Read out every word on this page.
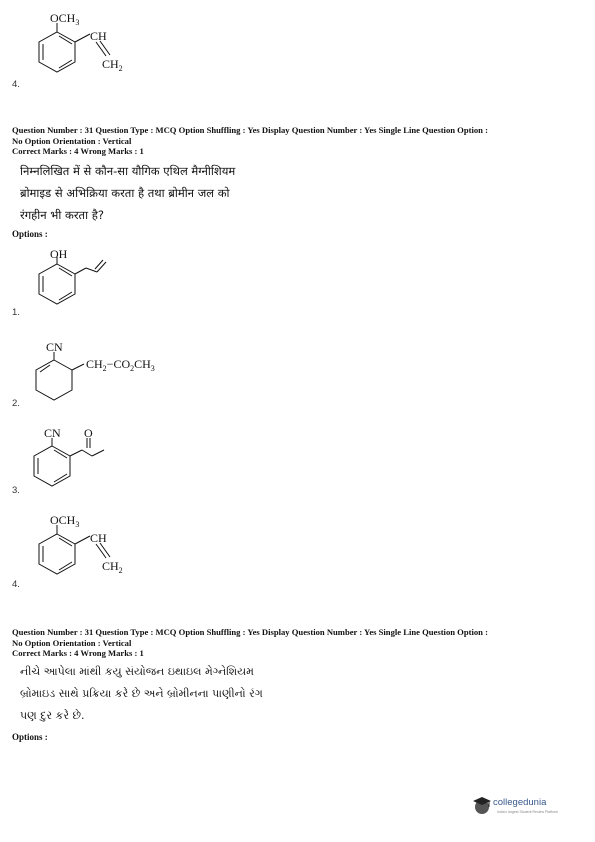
$OCH_3$
CH
$CH_2$
4.
Question Number : 31 Question Type : MCQ Option Shuffling : Yes Display Question Number : Yes Single Line Question Option :
No Option Orientation : Vertical
Correct Marks : 4 Wrong Marks : 1
निम्नलिखित में से कौन-सा यौगिक एथिल मैग्नीशियम
ब्रोमाइड से अभिक्रिया करता है तथा ब्रोमीन जल को
रंगहीन भी करता है?
Options :
OH
1.
CN
$CH_2-CO_2CH_3$
2.
CN O
3.
$OCH_3$
CH
$CH_2$
4.
Question Number : 31 Question Type : MCQ Option Shuffling : Yes Display Question Number : Yes Single Line Question Option :
No Option Orientation : Vertical
Correct Marks : 4 Wrong Marks : 1
નીચે આપેલા માંથી કયુ સંયોજન ઇથાઇલ મેગ્નેશિયમ
બ્રોમાઇડ સાથે પ્રક્રિયા કરે છે અને બ્રોમીનના પાણીનો રંગ
પણ દુર કરે છે.
Options :
collegedunia
India's largest Student Review Platform
